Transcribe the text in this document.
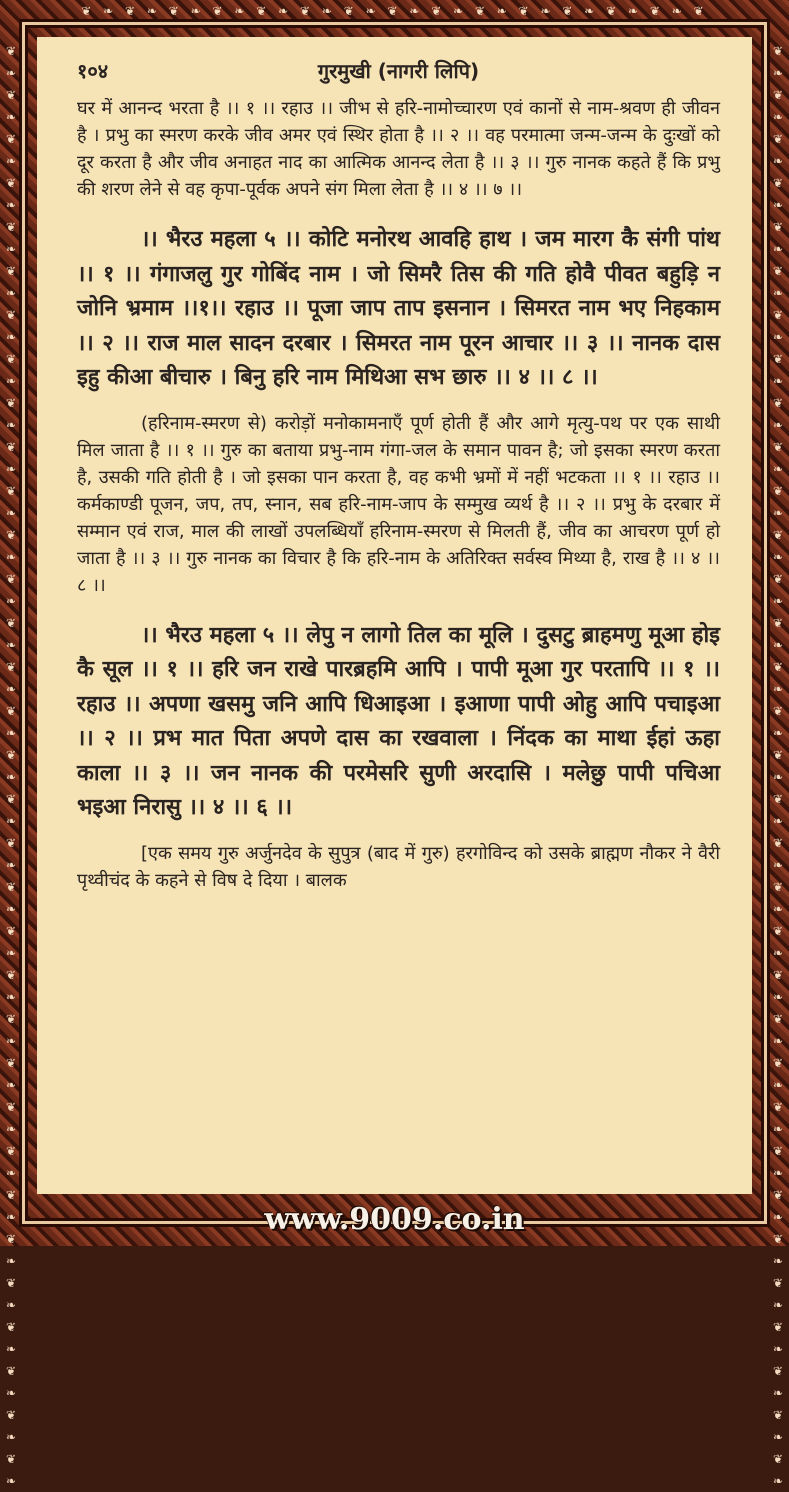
❦ ❧ ❦ ❧ ❦ ❧ ❦ ❧ ❦ ❧ ❦ ❧ ❦ ❧ ❦ ❧ ❦ ❧ ❦ ❧ ❦ ❧ ❦ ❧ ❦ ❧ ❦ ❧ ❦
❦❧❦❧❦❧❦❧❦❧❦❧❦❧❦❧❦❧❦❧❦❧❦❧❦❧❦❧❦❧❦❧❦❧❦❧❦❧❦❧❦❧❦❧❦❧❦❧❦❧❦❧❦❧❦❧❦❧❦❧❦❧❦❧❦❧
❦❧❦❧❦❧❦❧❦❧❦❧❦❧❦❧❦❧❦❧❦❧❦❧❦❧❦❧❦❧❦❧❦❧❦❧❦❧❦❧❦❧❦❧❦❧❦❧❦❧❦❧❦❧❦❧❦❧❦❧❦❧❦❧❦❧
१०४	गुरमुखी (नागरी लिपि)

घर में आनन्द भरता है ।। १ ।। रहाउ ।। जीभ से हरि-नामोच्चारण एवं कानों से नाम-श्रवण ही जीवन है । प्रभु का स्मरण करके जीव अमर एवं स्थिर होता है ।। २ ।। वह परमात्मा जन्म-जन्म के दुःखों को दूर करता है और जीव अनाहत नाद का आत्मिक आनन्द लेता है ।। ३ ।। गुरु नानक कहते हैं कि प्रभु की शरण लेने से वह कृपा-पूर्वक अपने संग मिला लेता है ।। ४ ।। ७ ।।

।। भैरउ महला ५ ।। कोटि मनोरथ आवहि हाथ । जम मारग कै संगी पांथ ।। १ ।। गंगाजलु गुर गोबिंद नाम । जो सिमरै तिस की गति होवै पीवत बहुड़ि न जोनि भ्रमाम ।।१।। रहाउ ।। पूजा जाप ताप इसनान । सिमरत नाम भए निहकाम ।। २ ।। राज माल सादन दरबार । सिमरत नाम पूरन आचार ।। ३ ।। नानक दास इहु कीआ बीचारु । बिनु हरि नाम मिथिआ सभ छारु ।। ४ ।। ८ ।।

(हरिनाम-स्मरण से) करोड़ों मनोकामनाएँ पूर्ण होती हैं और आगे मृत्यु-पथ पर एक साथी मिल जाता है ।। १ ।। गुरु का बताया प्रभु-नाम गंगा-जल के समान पावन है; जो इसका स्मरण करता है, उसकी गति होती है । जो इसका पान करता है, वह कभी भ्रमों में नहीं भटकता ।। १ ।। रहाउ ।। कर्मकाण्डी पूजन, जप, तप, स्नान, सब हरि-नाम-जाप के सम्मुख व्यर्थ है ।। २ ।। प्रभु के दरबार में सम्मान एवं राज, माल की लाखों उपलब्धियाँ हरिनाम-स्मरण से मिलती हैं, जीव का आचरण पूर्ण हो जाता है ।। ३ ।। गुरु नानक का विचार है कि हरि-नाम के अतिरिक्त सर्वस्व मिथ्या है, राख है ।। ४ ।। ८ ।।

।। भैरउ महला ५ ।। लेपु न लागो तिल का मूलि । दुसटु ब्राहमणु मूआ होइ कै सूल ।। १ ।। हरि जन राखे पारब्रहमि आपि । पापी मूआ गुर परतापि ।। १ ।। रहाउ ।। अपणा खसमु जनि आपि धिआइआ । इआणा पापी ओहु आपि पचाइआ ।। २ ।। प्रभ मात पिता अपणे दास का रखवाला । निंदक का माथा ईहां ऊहा काला ।। ३ ।। जन नानक की परमेसरि सुणी अरदासि । मलेछु पापी पचिआ भइआ निरासु ।। ४ ।। ६ ।।

[एक समय गुरु अर्जुनदेव के सुपुत्र (बाद में गुरु) हरगोविन्द को उसके ब्राह्मण नौकर ने वैरी पृथ्वीचंद के कहने से विष दे दिया । बालक

www.9009.co.in
